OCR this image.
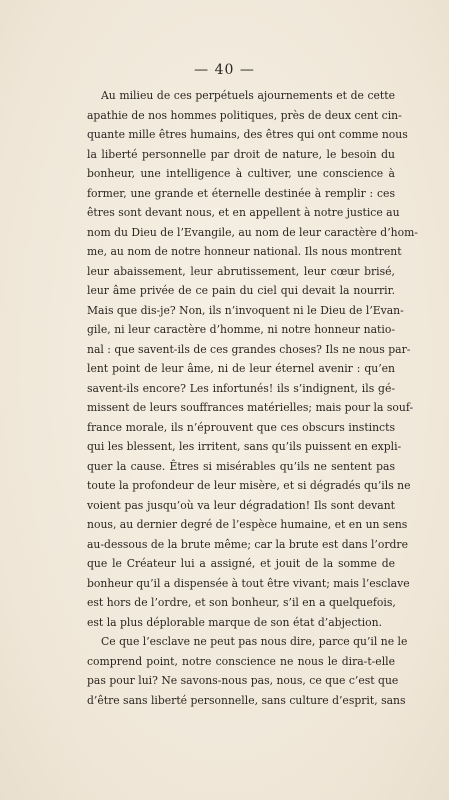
— 40 —

Au milieu de ces perpétuels ajournements et de cette
apathie de nos hommes politiques, près de deux cent cin-
quante mille êtres humains, des êtres qui ont comme nous
la liberté personnelle par droit de nature, le besoin du
bonheur, une intelligence à cultiver, une conscience à
former, une grande et éternelle destinée à remplir : ces
êtres sont devant nous, et en appellent à notre justice au
nom du Dieu de l’Evangile, au nom de leur caractère d’hom-
me, au nom de notre honneur national. Ils nous montrent
leur abaissement, leur abrutissement, leur cœur brisé,
leur âme privée de ce pain du ciel qui devait la nourrir.
Mais que dis-je? Non, ils n’invoquent ni le Dieu de l’Evan-
gile, ni leur caractère d’homme, ni notre honneur natio-
nal : que savent-ils de ces grandes choses? Ils ne nous par-
lent point de leur âme, ni de leur éternel avenir : qu’en
savent-ils encore? Les infortunés! ils s’indignent, ils gé-
missent de leurs souffrances matérielles; mais pour la souf-
france morale, ils n’éprouvent que ces obscurs instincts
qui les blessent, les irritent, sans qu’ils puissent en expli-
quer la cause. Êtres si misérables qu’ils ne sentent pas
toute la profondeur de leur misère, et si dégradés qu’ils ne
voient pas jusqu’où va leur dégradation! Ils sont devant
nous, au dernier degré de l’espèce humaine, et en un sens
au-dessous de la brute même; car la brute est dans l’ordre
que le Créateur lui a assigné, et jouit de la somme de
bonheur qu’il a dispensée à tout être vivant; mais l’esclave
est hors de l’ordre, et son bonheur, s’il en a quelquefois,
est la plus déplorable marque de son état d’abjection.

Ce que l’esclave ne peut pas nous dire, parce qu’il ne le
comprend point, notre conscience ne nous le dira-t-elle
pas pour lui? Ne savons-nous pas, nous, ce que c’est que
d’être sans liberté personnelle, sans culture d’esprit, sans
